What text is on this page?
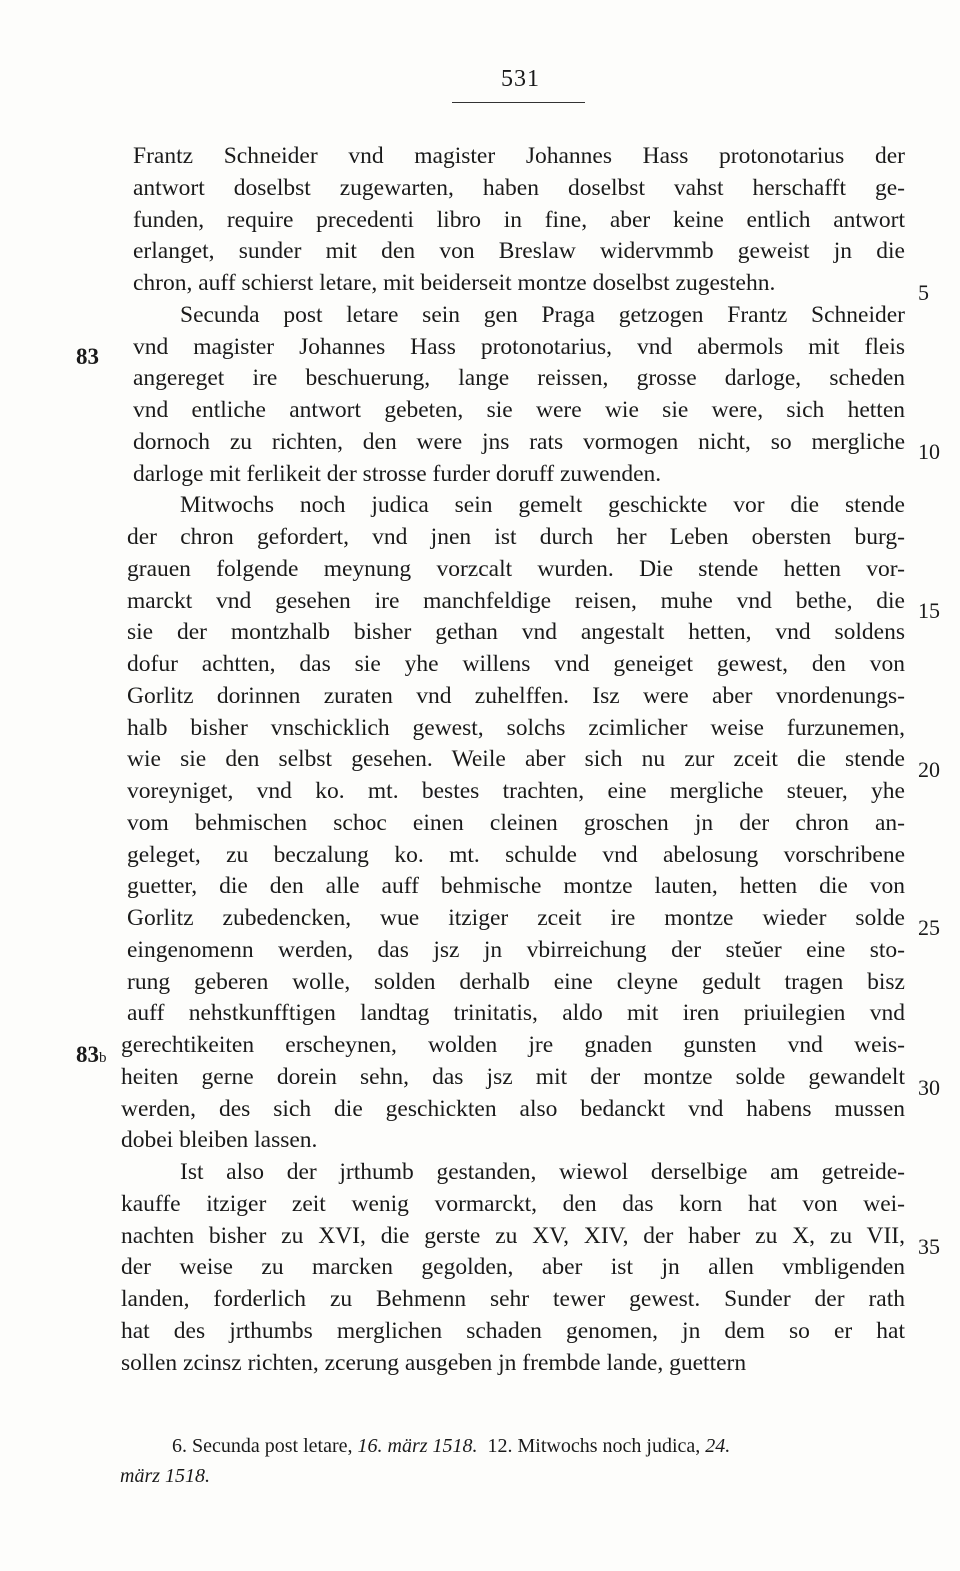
531
Frantz Schneider vnd magister Johannes Hass protonotarius der
antwort doselbst zugewarten, haben doselbst vahst herschafft ge-
funden, require precedenti libro in fine, aber keine entlich antwort
erlanget, sunder mit den von Breslaw widervmmb geweist jn die
chron, auff schierst letare, mit beiderseit montze doselbst zugestehn.
Secunda post letare sein gen Praga getzogen Frantz Schneider
vnd magister Johannes Hass protonotarius, vnd abermols mit fleis
angereget ire beschuerung, lange reissen, grosse darloge, scheden
vnd entliche antwort gebeten, sie were wie sie were, sich hetten
dornoch zu richten, den were jns rats vormogen nicht, so mergliche
darloge mit ferlikeit der strosse furder doruff zuwenden.
Mitwochs noch judica sein gemelt geschickte vor die stende
der chron gefordert, vnd jnen ist durch her Leben obersten burg-
grauen folgende meynung vorzcalt wurden. Die stende hetten vor-
marckt vnd gesehen ire manchfeldige reisen, muhe vnd bethe, die
sie der montzhalb bisher gethan vnd angestalt hetten, vnd soldens
dofur achtten, das sie yhe willens vnd geneiget gewest, den von
Gorlitz dorinnen zuraten vnd zuhelffen. Isz were aber vnordenungs-
halb bisher vnschicklich gewest, solchs zcimlicher weise furzunemen,
wie sie den selbst gesehen. Weile aber sich nu zur zceit die stende
voreyniget, vnd ko. mt. bestes trachten, eine mergliche steuer, yhe
vom behmischen schoc einen cleinen groschen jn der chron an-
geleget, zu beczalung ko. mt. schulde vnd abelosung vorschribene
guetter, die den alle auff behmische montze lauten, hetten die von
Gorlitz zubedencken, wue itziger zceit ire montze wieder solde
eingenomenn werden, das jsz jn vbirreichung der steŭer eine sto-
rung geberen wolle, solden derhalb eine cleyne gedult tragen bisz
auff nehstkunfftigen landtag trinitatis, aldo mit iren priuilegien vnd
gerechtikeiten erscheynen, wolden jre gnaden gunsten vnd weis-
heiten gerne dorein sehn, das jsz mit der montze solde gewandelt
werden, des sich die geschickten also bedanckt vnd habens mussen
dobei bleiben lassen.
Ist also der jrthumb gestanden, wiewol derselbige am getreide-
kauffe itziger zeit wenig vormarckt, den das korn hat von wei-
nachten bisher zu XVI, die gerste zu XV, XIV, der haber zu X, zu VII,
der weise zu marcken gegolden, aber ist jn allen vmbligenden
landen, forderlich zu Behmenn sehr tewer gewest. Sunder der rath
hat des jrthumbs merglichen schaden genomen, jn dem so er hat
sollen zcinsz richten, zcerung ausgeben jn frembde lande, guettern
83
83b
5
10
15
20
25
30
35
6. Secunda post letare, 16. märz 1518.  12. Mitwochs noch judica, 24.
märz 1518.
